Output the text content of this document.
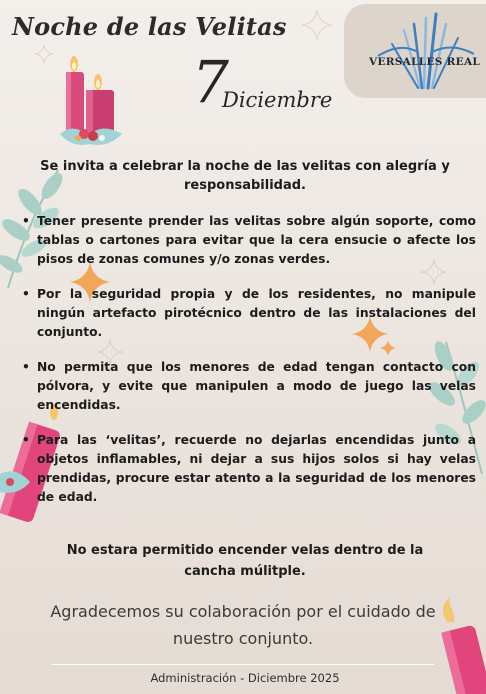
VERSALLES REAL
Noche de las Velitas
7
Diciembre

Se invita a celebrar la noche de las velitas con alegría y responsabilidad.

• Tener presente prender las velitas sobre algún soporte, como tablas o cartones para evitar que la cera ensucie o afecte los pisos de zonas comunes y/o zonas verdes.
• Por la seguridad propia y de los residentes, no manipule ningún artefacto pirotécnico dentro de las instalaciones del conjunto.
• No permita que los menores de edad tengan contacto con pólvora, y evite que manipulen a modo de juego las velas encendidas.
• Para las ‘velitas’, recuerde no dejarlas encendidas junto a objetos inflamables, ni dejar a sus hijos solos si hay velas prendidas, procure estar atento a la seguridad de los menores de edad.

No estara permitido encender velas dentro de la cancha múlitple.

Agradecemos su colaboración por el cuidado de nuestro conjunto.

Administración - Diciembre 2025
